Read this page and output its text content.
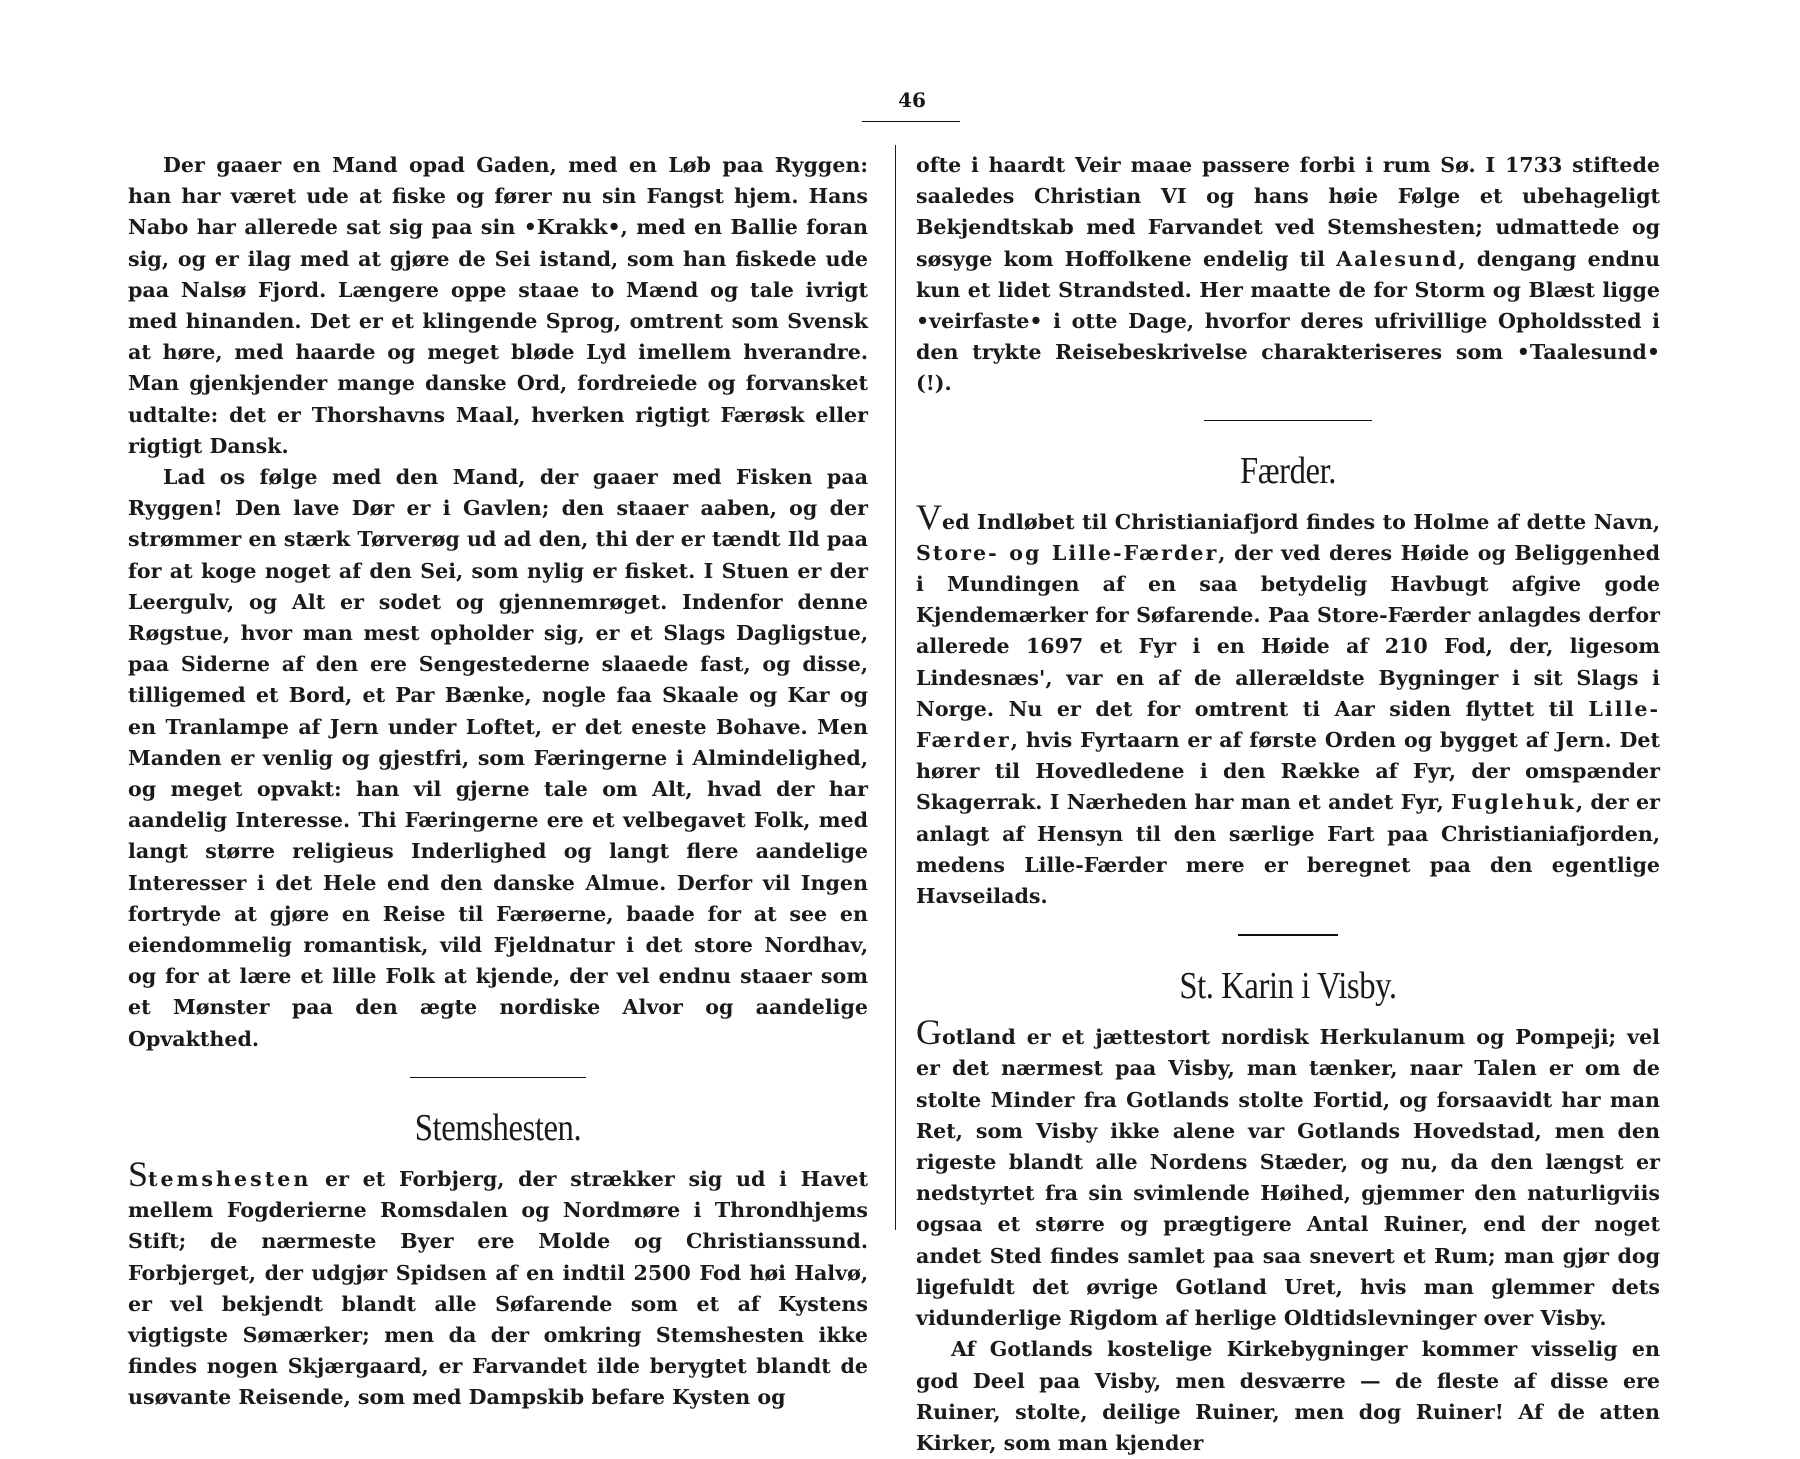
46

Der gaaer en Mand opad Gaden, med en Løb paa Ryggen: han har været ude at fiske og fører nu sin Fangst hjem. Hans Nabo har allerede sat sig paa sin •Krakk•, med en Ballie foran sig, og er ilag med at gjøre de Sei istand, som han fiskede ude paa Nalsø Fjord. Længere oppe staae to Mænd og tale ivrigt med hinanden. Det er et klingende Sprog, omtrent som Svensk at høre, med haarde og meget bløde Lyd imellem hverandre. Man gjenkjender mange danske Ord, fordreiede og forvansket udtalte: det er Thorshavns Maal, hverken rigtigt Færøsk eller rigtigt Dansk.

Lad os følge med den Mand, der gaaer med Fisken paa Ryggen! Den lave Dør er i Gavlen; den staaer aaben, og der strømmer en stærk Tørverøg ud ad den, thi der er tændt Ild paa for at koge noget af den Sei, som nylig er fisket. I Stuen er der Leergulv, og Alt er sodet og gjennemrøget. Indenfor denne Røgstue, hvor man mest opholder sig, er et Slags Dagligstue, paa Siderne af den ere Sengestederne slaaede fast, og disse, tilligemed et Bord, et Par Bænke, nogle faa Skaale og Kar og en Tranlampe af Jern under Loftet, er det eneste Bohave. Men Manden er venlig og gjestfri, som Færingerne i Almindelighed, og meget opvakt: han vil gjerne tale om Alt, hvad der har aandelig Interesse. Thi Færingerne ere et velbegavet Folk, med langt større religieus Inderlighed og langt flere aandelige Interesser i det Hele end den danske Almue. Derfor vil Ingen fortryde at gjøre en Reise til Færøerne, baade for at see en eiendommelig romantisk, vild Fjeldnatur i det store Nordhav, og for at lære et lille Folk at kjende, der vel endnu staaer som et Mønster paa den ægte nordiske Alvor og aandelige Opvakthed.

Stemshesten.

Stemshesten er et Forbjerg, der strækker sig ud i Havet mellem Fogderierne Romsdalen og Nordmøre i Throndhjems Stift; de nærmeste Byer ere Molde og Christianssund. Forbjerget, der udgjør Spidsen af en indtil 2500 Fod høi Halvø, er vel bekjendt blandt alle Søfarende som et af Kystens vigtigste Sømærker; men da der omkring Stemshesten ikke findes nogen Skjærgaard, er Farvandet ilde berygtet blandt de usøvante Reisende, som med Dampskib befare Kysten og

ofte i haardt Veir maae passere forbi i rum Sø. I 1733 stiftede saaledes Christian VI og hans høie Følge et ubehageligt Bekjendtskab med Farvandet ved Stemshesten; udmattede og søsyge kom Hoffolkene endelig til Aalesund, dengang endnu kun et lidet Strandsted. Her maatte de for Storm og Blæst ligge •veirfaste• i otte Dage, hvorfor deres ufrivillige Opholdssted i den trykte Reisebeskrivelse charakteriseres som •Taalesund• (!).

Færder.

Ved Indløbet til Christianiafjord findes to Holme af dette Navn, Store- og Lille-Færder, der ved deres Høide og Beliggenhed i Mundingen af en saa betydelig Havbugt afgive gode Kjendemærker for Søfarende. Paa Store-Færder anlagdes derfor allerede 1697 et Fyr i en Høide af 210 Fod, der, ligesom Lindesnæs', var en af de allerældste Bygninger i sit Slags i Norge. Nu er det for omtrent ti Aar siden flyttet til Lille-Færder, hvis Fyrtaarn er af første Orden og bygget af Jern. Det hører til Hovedledene i den Række af Fyr, der omspænder Skagerrak. I Nærheden har man et andet Fyr, Fuglehuk, der er anlagt af Hensyn til den særlige Fart paa Christianiafjorden, medens Lille-Færder mere er beregnet paa den egentlige Havseilads.

St. Karin i Visby.

Gotland er et jættestort nordisk Herkulanum og Pompeji; vel er det nærmest paa Visby, man tænker, naar Talen er om de stolte Minder fra Gotlands stolte Fortid, og forsaavidt har man Ret, som Visby ikke alene var Gotlands Hovedstad, men den rigeste blandt alle Nordens Stæder, og nu, da den længst er nedstyrtet fra sin svimlende Høihed, gjemmer den naturligviis ogsaa et større og prægtigere Antal Ruiner, end der noget andet Sted findes samlet paa saa snevert et Rum; man gjør dog ligefuldt det øvrige Gotland Uret, hvis man glemmer dets vidunderlige Rigdom af herlige Oldtidslevninger over Visby.

Af Gotlands kostelige Kirkebygninger kommer visselig en god Deel paa Visby, men desværre — de fleste af disse ere Ruiner, stolte, deilige Ruiner, men dog Ruiner! Af de atten Kirker, som man kjender
